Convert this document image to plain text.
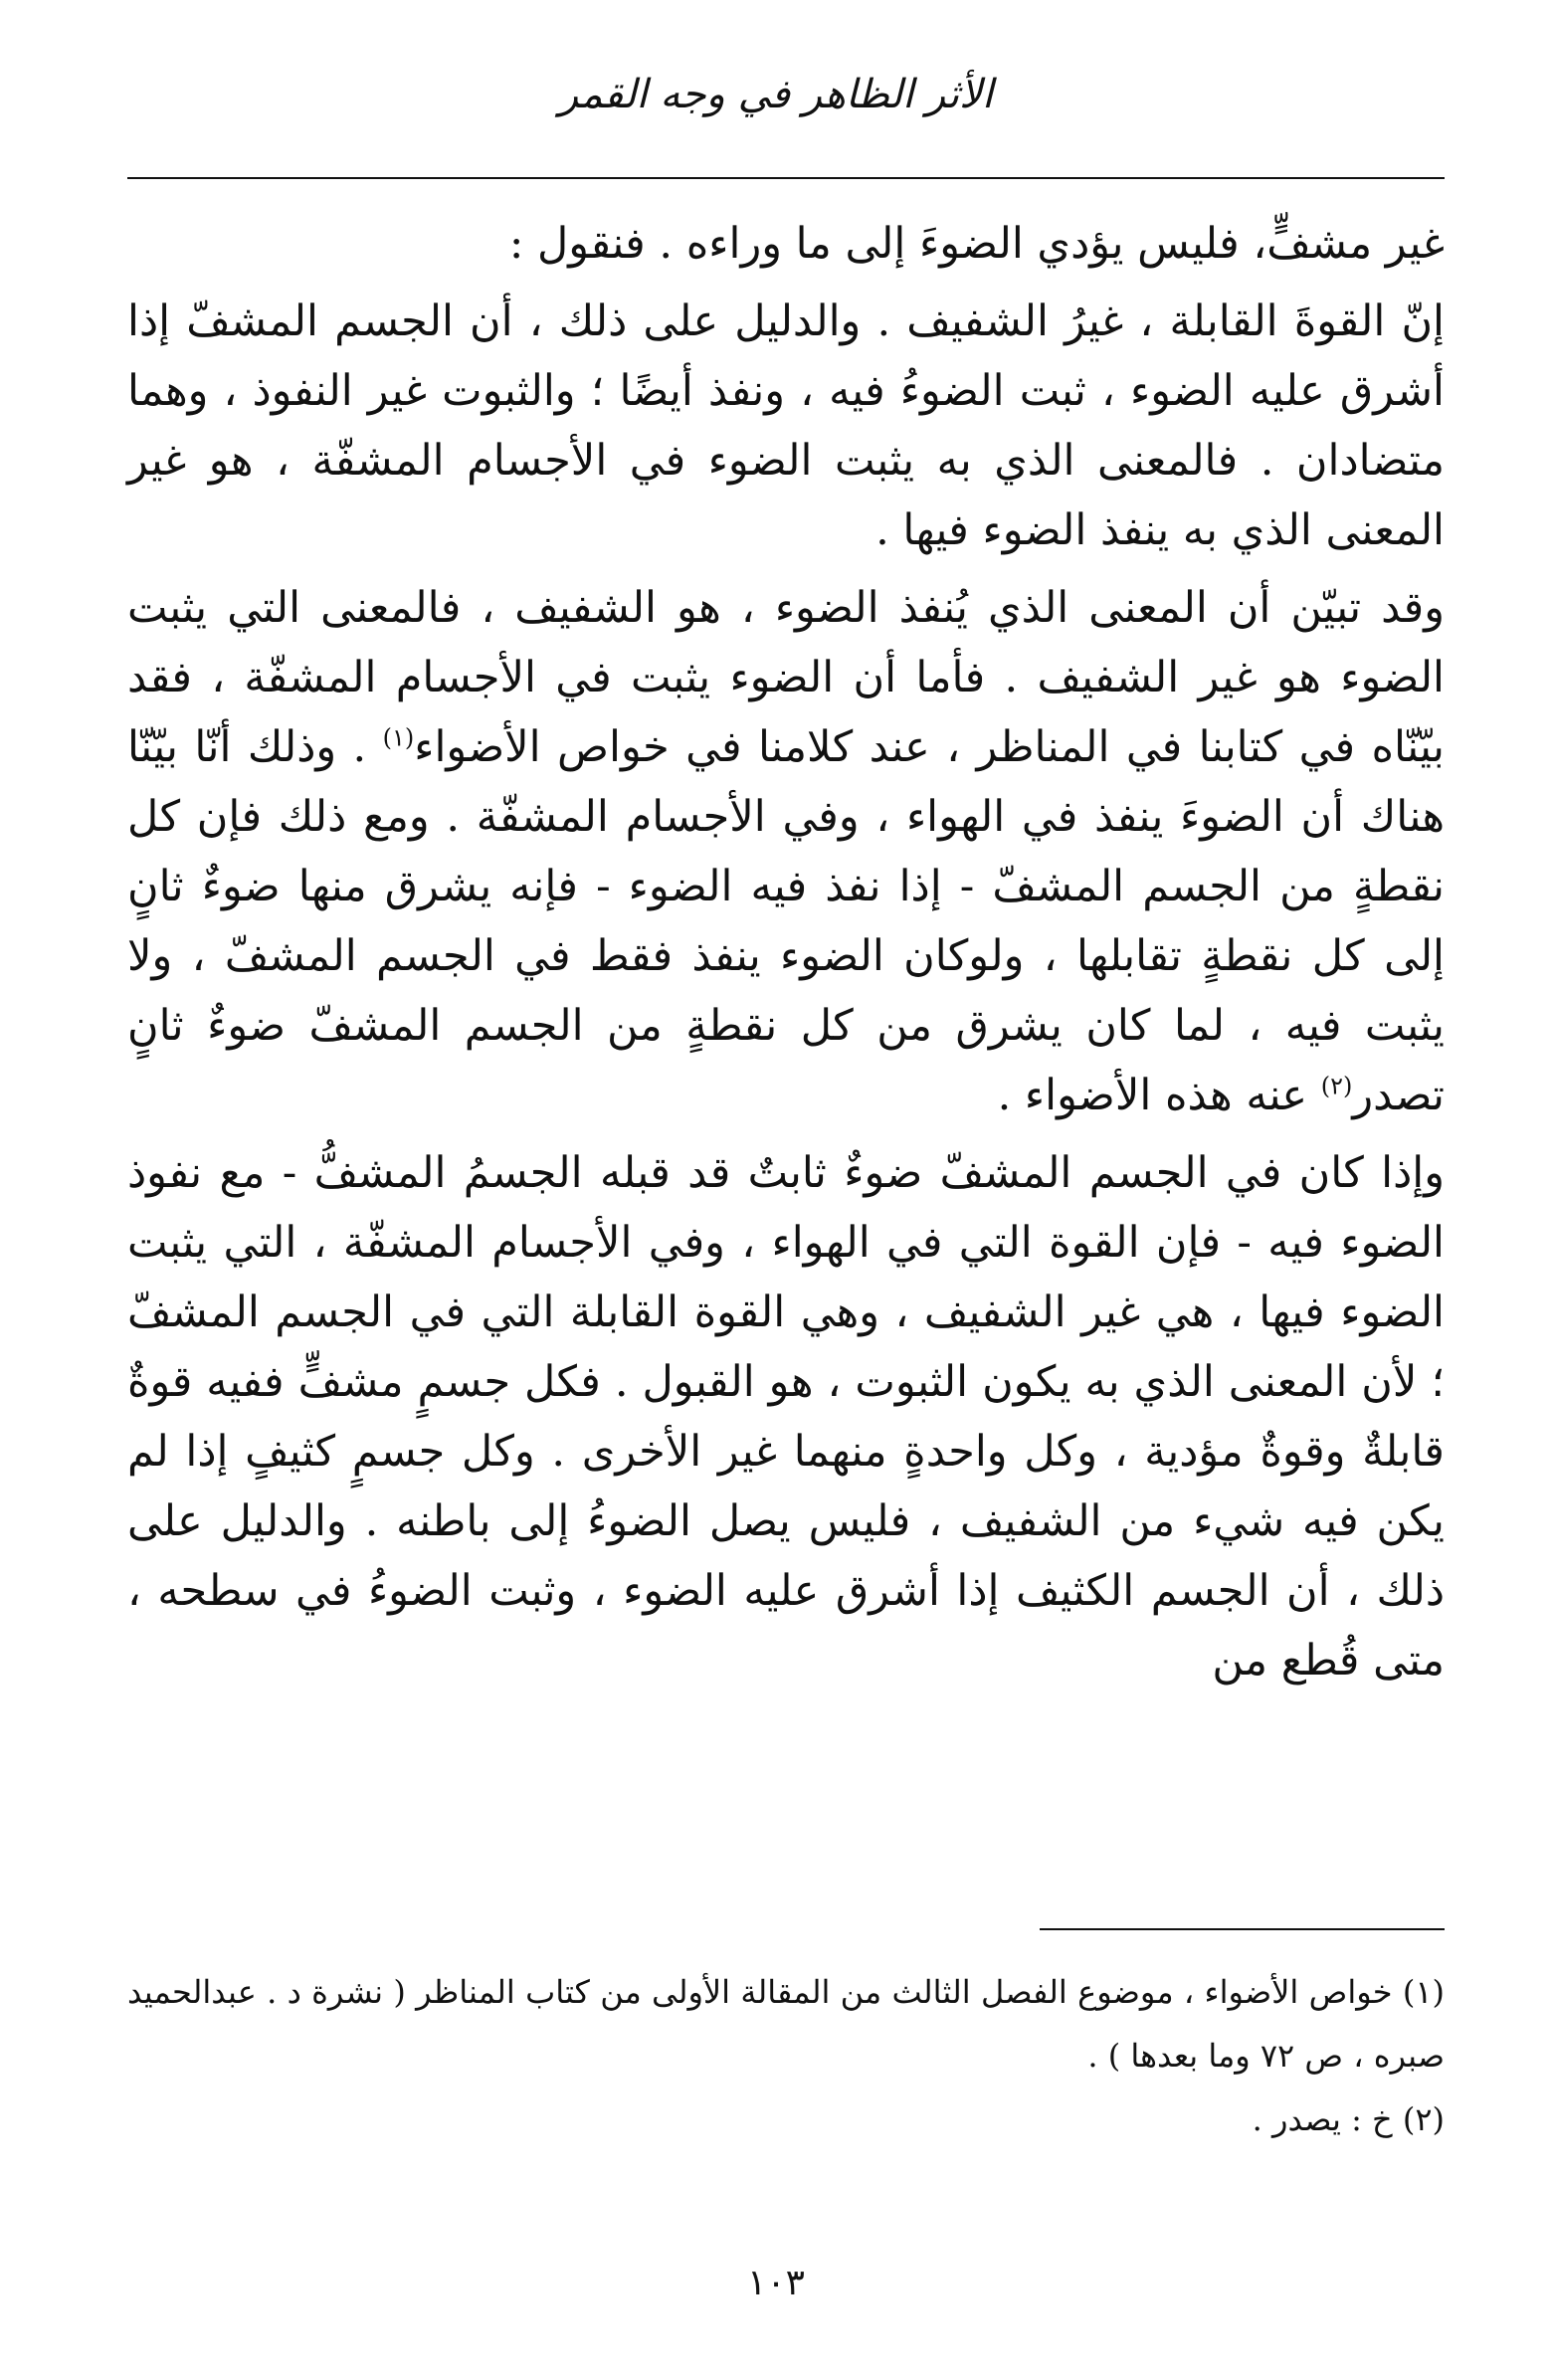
الأثر الظاهر في وجه القمر

غير مشفٍّ، فليس يؤدي الضوءَ إلى ما وراءه . فنقول :

إنّ القوةَ القابلة ، غيرُ الشفيف . والدليل على ذلك ، أن الجسم المشفّ إذا أشرق عليه الضوء ، ثبت الضوءُ فيه ، ونفذ أيضًا ؛ والثبوت غير النفوذ ، وهما متضادان . فالمعنى الذي به يثبت الضوء في الأجسام المشفّة ، هو غير المعنى الذي به ينفذ الضوء فيها .

وقد تبيّن أن المعنى الذي يُنفذ الضوء ، هو الشفيف ، فالمعنى التي يثبت الضوء هو غير الشفيف . فأما أن الضوء يثبت في الأجسام المشفّة ، فقد بيّنّاه في كتابنا في المناظر ، عند كلامنا في خواص الأضواء$^{(١)}$ . وذلك أنّا بيّنّا هناك أن الضوءَ ينفذ في الهواء ، وفي الأجسام المشفّة . ومع ذلك فإن كل نقطةٍ من الجسم المشفّ - إذا نفذ فيه الضوء - فإنه يشرق منها ضوءٌ ثانٍ إلى كل نقطةٍ تقابلها ، ولوكان الضوء ينفذ فقط في الجسم المشفّ ، ولا يثبت فيه ، لما كان يشرق من كل نقطةٍ من الجسم المشفّ ضوءٌ ثانٍ تصدر$^{(٢)}$ عنه هذه الأضواء .

وإذا كان في الجسم المشفّ ضوءٌ ثابتٌ قد قبله الجسمُ المشفُّ - مع نفوذ الضوء فيه - فإن القوة التي في الهواء ، وفي الأجسام المشفّة ، التي يثبت الضوء فيها ، هي غير الشفيف ، وهي القوة القابلة التي في الجسم المشفّ ؛ لأن المعنى الذي به يكون الثبوت ، هو القبول . فكل جسمٍ مشفٍّ ففيه قوةٌ قابلةٌ وقوةٌ مؤدية ، وكل واحدةٍ منهما غير الأخرى . وكل جسمٍ كثيفٍ إذا لم يكن فيه شيء من الشفيف ، فليس يصل الضوءُ إلى باطنه . والدليل على ذلك ، أن الجسم الكثيف إذا أشرق عليه الضوء ، وثبت الضوءُ في سطحه ، متى قُطع من

(١) خواص الأضواء ، موضوع الفصل الثالث من المقالة الأولى من كتاب المناظر ( نشرة د . عبدالحميد صبره ، ص ٧٢ وما بعدها ) .

(٢) خ : يصدر .

١٠٣
